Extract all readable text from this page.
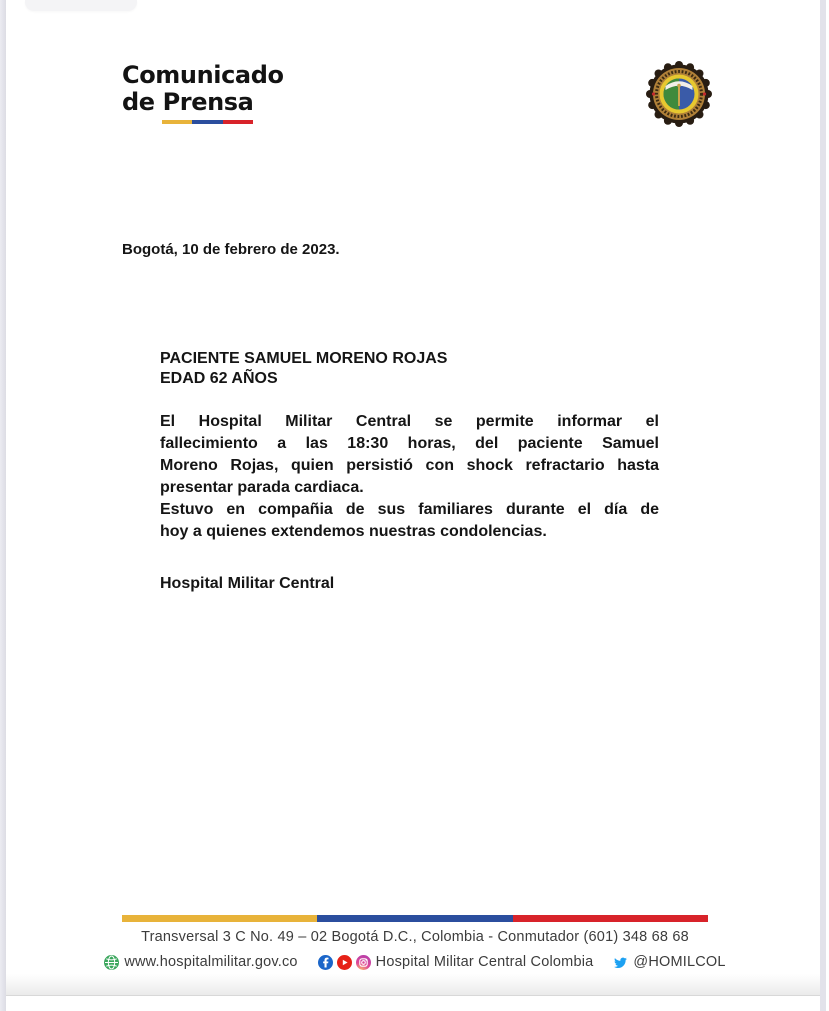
Comunicado
de Prensa
Bogotá, 10 de febrero de 2023.
PACIENTE SAMUEL MORENO ROJAS
EDAD 62 AÑOS
El Hospital Militar Central se permite informar el
fallecimiento a las 18:30 horas, del paciente Samuel
Moreno Rojas, quien persistió con shock refractario hasta
presentar parada cardiaca.
Estuvo en compañia de sus familiares durante el día de
hoy a quienes extendemos nuestras condolencias.
Hospital Militar Central
Transversal 3 C No. 49 – 02 Bogotá D.C., Colombia - Conmutador (601) 348 68 68
www.hospitalmilitar.gov.co	Hospital Militar Central Colombia	@HOMILCOL
